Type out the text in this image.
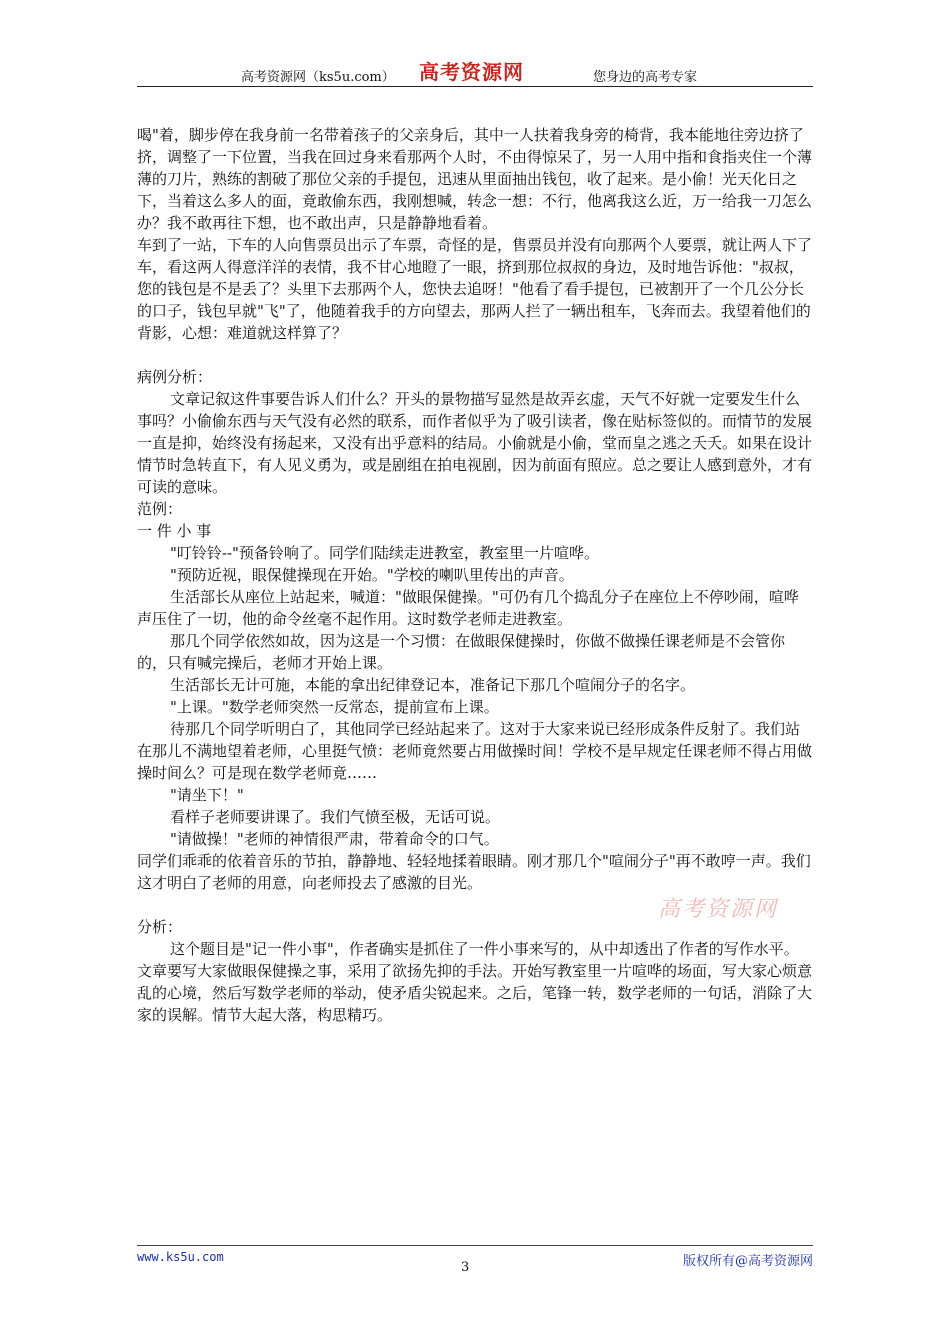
高考资源网（ks5u.com） 高考资源网	您身边的高考专家

喝"着，脚步停在我身前一名带着孩子的父亲身后，其中一人扶着我身旁的椅背，我本能地往旁边挤了挤，调整了一下位置，当我在回过身来看那两个人时，不由得惊呆了，另一人用中指和食指夹住一个薄薄的刀片，熟练的割破了那位父亲的手提包，迅速从里面抽出钱包，收了起来。是小偷！光天化日之下，当着这么多人的面，竟敢偷东西，我刚想喊，转念一想：不行，他离我这么近，万一给我一刀怎么办？我不敢再往下想，也不敢出声，只是静静地看着。

车到了一站，下车的人向售票员出示了车票，奇怪的是，售票员并没有向那两个人要票，就让两人下了车，看这两人得意洋洋的表情，我不甘心地瞪了一眼，挤到那位叔叔的身边，及时地告诉他："叔叔，您的钱包是不是丢了？头里下去那两个人，您快去追呀！"他看了看手提包，已被割开了一个几公分长的口子，钱包早就"飞"了，他随着我手的方向望去，那两人拦了一辆出租车，飞奔而去。我望着他们的背影，心想：难道就这样算了？

病例分析：

文章记叙这件事要告诉人们什么？开头的景物描写显然是故弄玄虚，天气不好就一定要发生什么事吗？小偷偷东西与天气没有必然的联系，而作者似乎为了吸引读者，像在贴标签似的。而情节的发展一直是抑，始终没有扬起来，又没有出乎意料的结局。小偷就是小偷，堂而皇之逃之夭夭。如果在设计情节时急转直下，有人见义勇为，或是剧组在拍电视剧，因为前面有照应。总之要让人感到意外，才有可读的意味。

范例：

一 件 小 事

"叮铃铃--"预备铃响了。同学们陆续走进教室，教室里一片喧哗。

"预防近视，眼保健操现在开始。"学校的喇叭里传出的声音。

生活部长从座位上站起来，喊道："做眼保健操。"可仍有几个捣乱分子在座位上不停吵闹，喧哗声压住了一切，他的命令丝毫不起作用。这时数学老师走进教室。

那几个同学依然如故，因为这是一个习惯：在做眼保健操时，你做不做操任课老师是不会管你的，只有喊完操后，老师才开始上课。

生活部长无计可施，本能的拿出纪律登记本，准备记下那几个喧闹分子的名字。

"上课。"数学老师突然一反常态，提前宣布上课。

待那几个同学听明白了，其他同学已经站起来了。这对于大家来说已经形成条件反射了。我们站在那儿不满地望着老师，心里挺气愤：老师竟然要占用做操时间！学校不是早规定任课老师不得占用做操时间么？可是现在数学老师竟……

"请坐下！"

看样子老师要讲课了。我们气愤至极，无话可说。

"请做操！"老师的神情很严肃，带着命令的口气。

同学们乖乖的依着音乐的节拍，静静地、轻轻地揉着眼睛。刚才那几个"喧闹分子"再不敢哼一声。我们这才明白了老师的用意，向老师投去了感激的目光。

分析：

这个题目是"记一件小事"，作者确实是抓住了一件小事来写的，从中却透出了作者的写作水平。文章要写大家做眼保健操之事，采用了欲扬先抑的手法。开始写教室里一片喧哗的场面，写大家心烦意乱的心境，然后写数学老师的举动，使矛盾尖锐起来。之后，笔锋一转，数学老师的一句话，消除了大家的误解。情节大起大落，构思精巧。

高考资源网
www.ks5u.com
3	版权所有@高考资源网
